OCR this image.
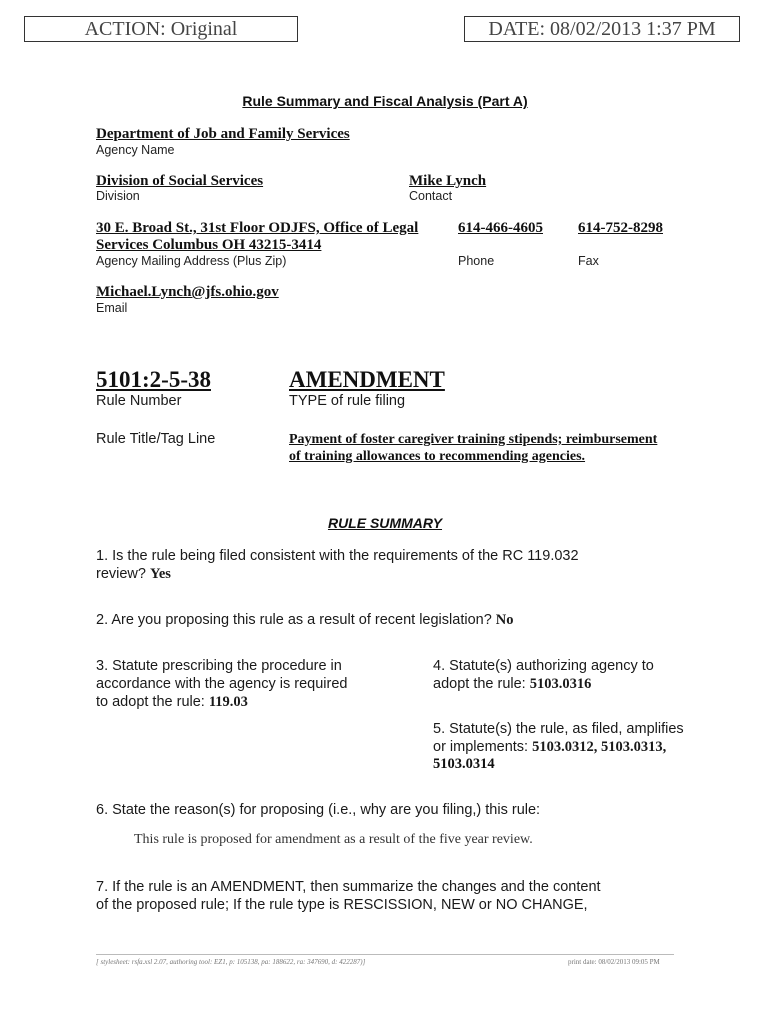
ACTION: Original	DATE: 08/02/2013 1:37 PM
Rule Summary and Fiscal Analysis (Part A)
Department of Job and Family Services
Agency Name
Division of Social Services
Division
Mike Lynch
Contact
30 E. Broad St., 31st Floor ODJFS, Office of Legal
Services Columbus OH 43215-3414
Agency Mailing Address (Plus Zip)
614-466-4605
Phone
614-752-8298
Fax
Michael.Lynch@jfs.ohio.gov
Email
5101:2-5-38
Rule Number
AMENDMENT
TYPE of rule filing
Rule Title/Tag Line	Payment of foster caregiver training stipends; reimbursement
of training allowances to recommending agencies.
RULE SUMMARY
1. Is the rule being filed consistent with the requirements of the RC 119.032
review? Yes
2. Are you proposing this rule as a result of recent legislation? No
3. Statute prescribing the procedure in
accordance with the agency is required
to adopt the rule: 119.03
4. Statute(s) authorizing agency to
adopt the rule: 5103.0316
5. Statute(s) the rule, as filed, amplifies
or implements: 5103.0312, 5103.0313,
5103.0314
6. State the reason(s) for proposing (i.e., why are you filing,) this rule:
This rule is proposed for amendment as a result of the five year review.
7. If the rule is an AMENDMENT, then summarize the changes and the content
of the proposed rule; If the rule type is RESCISSION, NEW or NO CHANGE,
[ stylesheet: rsfa.xsl 2.07, authoring tool: EZ1, p: 105138, pa: 188622, ra: 347690, d: 422287)]	print date: 08/02/2013 09:05 PM
